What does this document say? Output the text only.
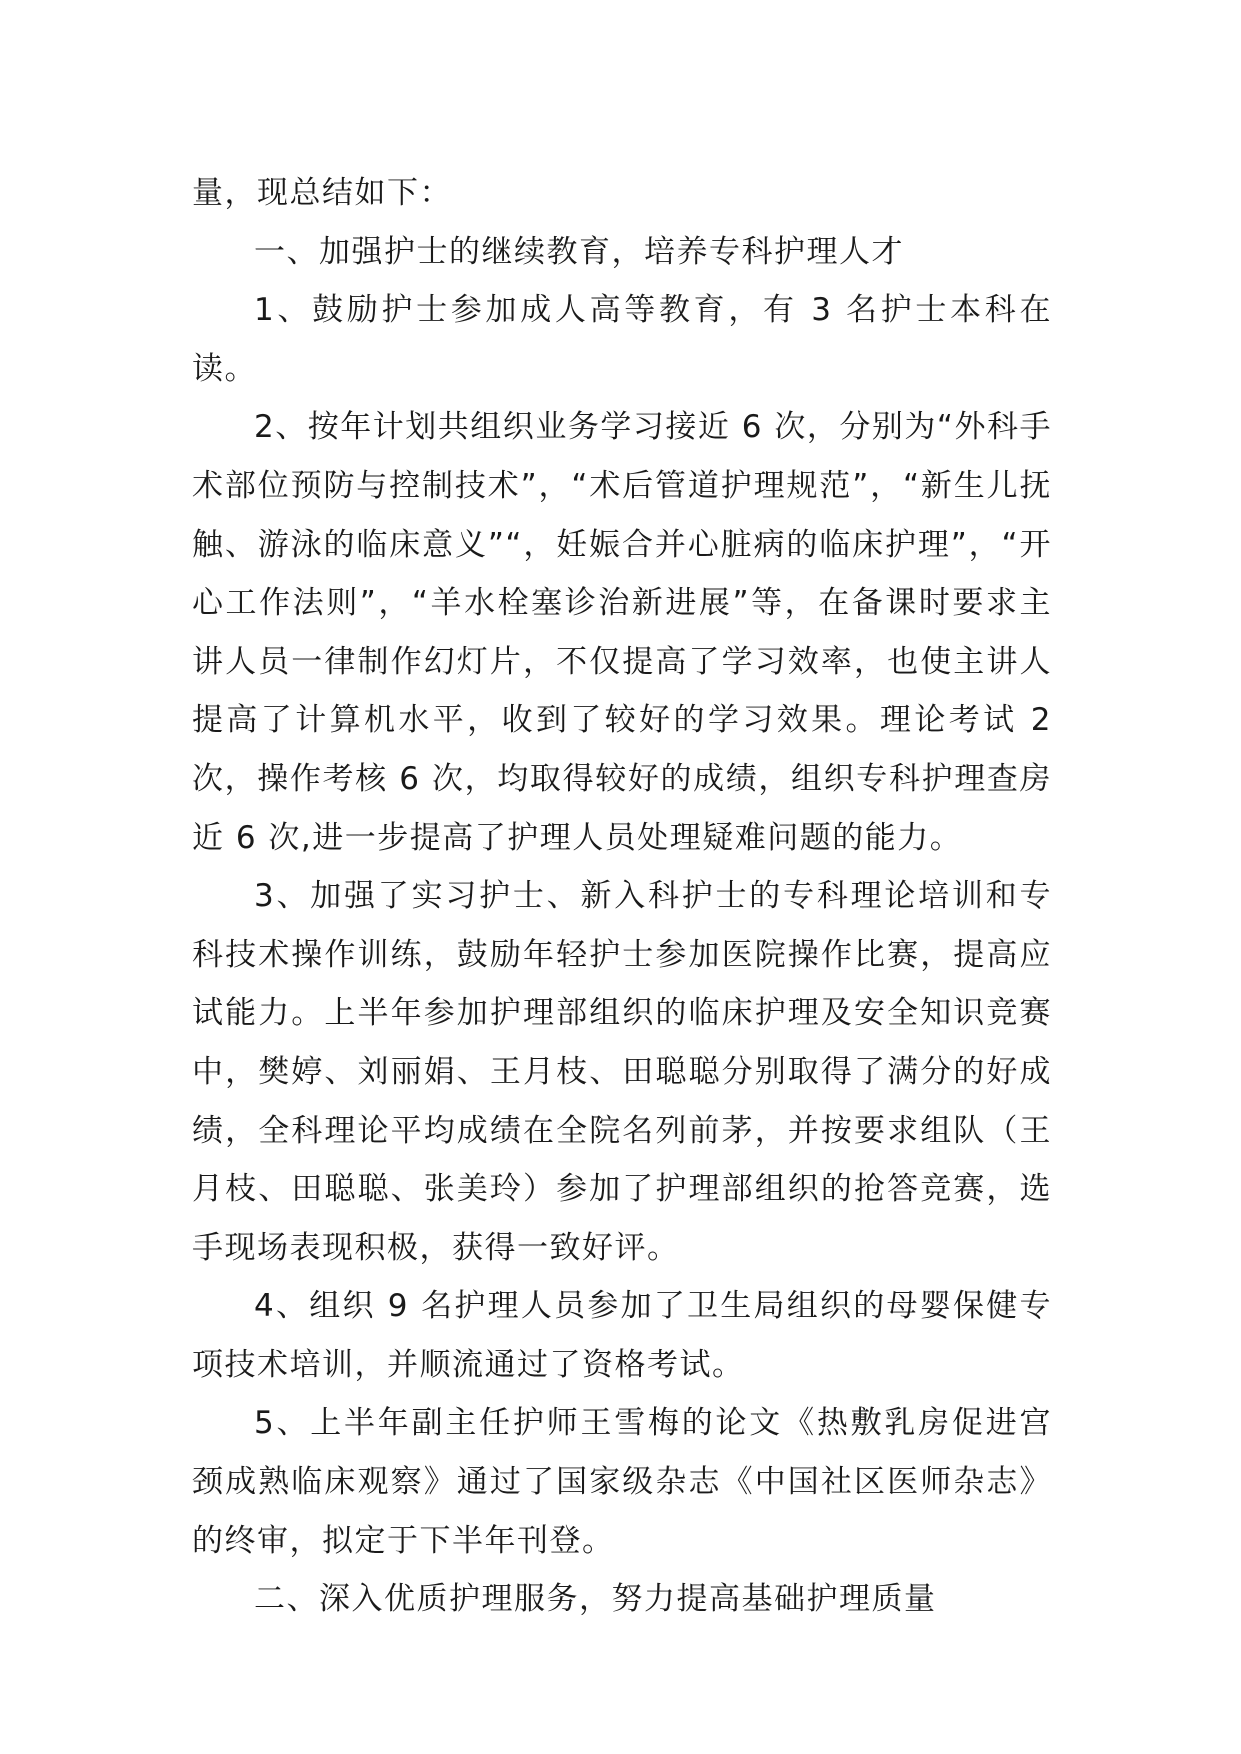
量，现总结如下：

一、加强护士的继续教育，培养专科护理人才

1、鼓励护士参加成人高等教育，有 3 名护士本科在读。

2、按年计划共组织业务学习接近 6 次，分别为“外科手术部位预防与控制技术”，“术后管道护理规范”，“新生儿抚触、游泳的临床意义”“，妊娠合并心脏病的临床护理”，“开心工作法则”，“羊水栓塞诊治新进展”等，在备课时要求主讲人员一律制作幻灯片，不仅提高了学习效率，也使主讲人提高了计算机水平，收到了较好的学习效果。理论考试 2 次，操作考核 6 次，均取得较好的成绩，组织专科护理查房近 6 次,进一步提高了护理人员处理疑难问题的能力。

3、加强了实习护士、新入科护士的专科理论培训和专科技术操作训练，鼓励年轻护士参加医院操作比赛，提高应试能力。上半年参加护理部组织的临床护理及安全知识竞赛中，樊婷、刘丽娟、王月枝、田聪聪分别取得了满分的好成绩，全科理论平均成绩在全院名列前茅，并按要求组队（王月枝、田聪聪、张美玲）参加了护理部组织的抢答竞赛，选手现场表现积极，获得一致好评。

4、组织 9 名护理人员参加了卫生局组织的母婴保健专项技术培训，并顺流通过了资格考试。

5、上半年副主任护师王雪梅的论文《热敷乳房促进宫颈成熟临床观察》通过了国家级杂志《中国社区医师杂志》的终审，拟定于下半年刊登。

二、深入优质护理服务，努力提高基础护理质量
